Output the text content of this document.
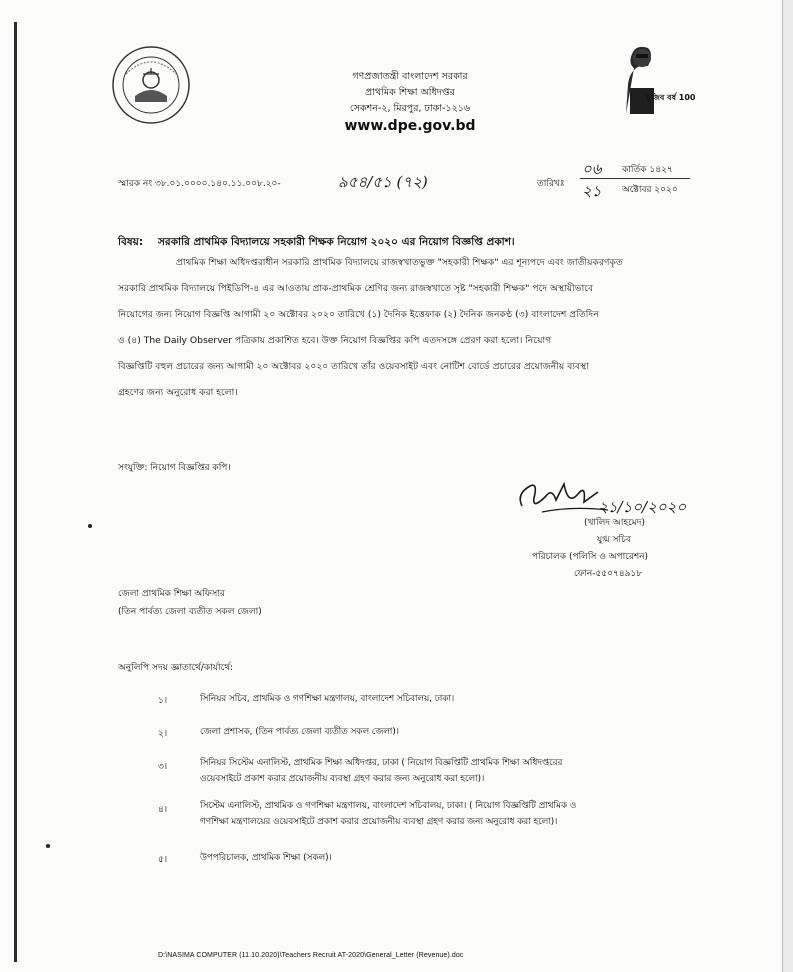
গণপ্রজাতন্ত্রী বাংলাদেশ সরকার
প্রাথমিক শিক্ষা অধিদপ্তর
সেকশন-২, মিরপুর, ঢাকা-১২১৬
www.dpe.gov.bd
মুজিব বর্ষ 100
স্মারক নং ৩৮.০১.০০০০.১৪০.১১.০০৮.২০-	৯৫৪/৫১ (৭২)	তারিখঃ
০৬ কার্তিক ১৪২৭
২১ অক্টোবর ২০২০
বিষয়: সরকারি প্রাথমিক বিদ্যালয়ে সহকারী শিক্ষক নিয়োগ ২০২০ এর নিয়োগ বিজ্ঞপ্তি প্রকাশ।
প্রাথমিক শিক্ষা অধিদপ্তরাধীন সরকারি প্রাথমিক বিদ্যালয়ে রাজস্বখাতভুক্ত "সহকারী শিক্ষক" এর শূন্যপদে এবং জাতীয়করণকৃত
সরকারি প্রাথমিক বিদ্যালয়ে পিইডিপি-৪ এর আওতায় প্রাক-প্রাথমিক শ্রেণির জন্য রাজস্বখাতে সৃষ্ট "সহকারী শিক্ষক" পদে অস্থায়ীভাবে
নিয়োগের জন্য নিয়োগ বিজ্ঞপ্তি আগামী ২০ অক্টোবর ২০২০ তারিখে (১) দৈনিক ইত্তেফাক (২) দৈনিক জনকণ্ঠ (৩) বাংলাদেশ প্রতিদিন
ও (৪) The Daily Observer পত্রিকায় প্রকাশিত হবে। উক্ত নিয়োগ বিজ্ঞপ্তির কপি এতদসঙ্গে প্রেরণ করা হলো। নিয়োগ
বিজ্ঞপ্তিটি বহুল প্রচারের জন্য আগামী ২০ অক্টোবর ২০২০ তারিখে তাঁর ওয়েবসাইট এবং নোটিশ বোর্ডে প্রচারের প্রয়োজনীয় ব্যবস্থা
গ্রহণের জন্য অনুরোধ করা হলো।
সংযুক্তি: নিয়োগ বিজ্ঞপ্তির কপি।
২১/১০/২০২০
(খালিদ আহমেদ)
যুগ্ম সচিব
পরিচালক (পলিসি ও অপারেশন)
ফোন-৫৫০৭৪৯১৮
জেলা প্রাথমিক শিক্ষা অফিসার
(তিন পার্বত্য জেলা ব্যতীত সকল জেলা)
অনুলিপি সদয় জ্ঞাতার্থে/কার্যার্থে:
১।	সিনিয়র সচিব, প্রাথমিক ও গণশিক্ষা মন্ত্রণালয়, বাংলাদেশ সচিবালয়, ঢাকা।
২।	জেলা প্রশাসক, (তিন পার্বত্য জেলা ব্যতীত সকল জেলা)।
৩।	সিনিয়র সিস্টেম এনালিস্ট, প্রাথমিক শিক্ষা অধিদপ্তর, ঢাকা ( নিয়োগ বিজ্ঞপ্তিটি প্রাথমিক শিক্ষা অধিদপ্তরের
ওয়েবসাইটে প্রকাশ করার প্রয়োজনীয় ব্যবস্থা গ্রহণ করার জন্য অনুরোধ করা হলো)।
৪।	সিস্টেম এনালিস্ট, প্রাথমিক ও গণশিক্ষা মন্ত্রণালয়, বাংলাদেশ সচিবালয়, ঢাকা। ( নিয়োগ বিজ্ঞপ্তিটি প্রাথমিক ও
গণশিক্ষা মন্ত্রণালয়ের ওয়েবসাইটে প্রকাশ করার প্রয়োজনীয় ব্যবস্থা গ্রহণ করার জন্য অনুরোধ করা হলো)।
৫।	উপপরিচালক, প্রাথমিক শিক্ষা (সকল)।
D:\NASIMA COMPUTER (11.10.2020)\Teachers Recruit AT-2020\General_Letter (Revenue).doc
